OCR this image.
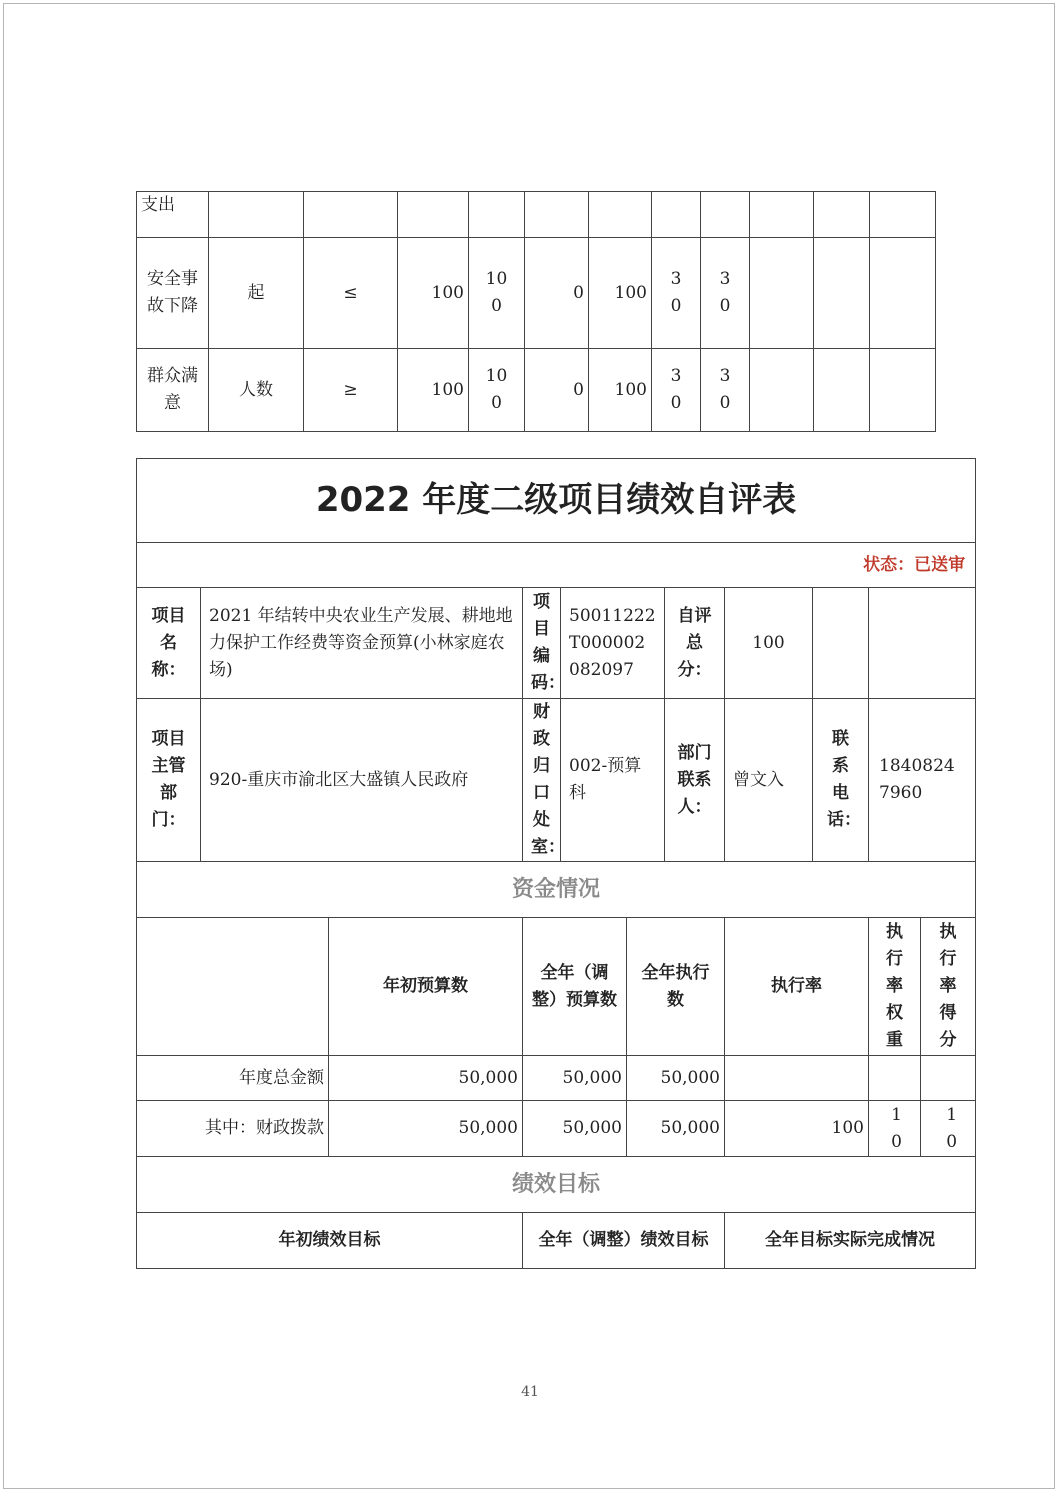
支出											
安全事故下降	起	≤	100	100	0	100	30	30			
群众满意	人数	≥	100	100	0	100	30	30			
2022 年度二级项目绩效自评表										
状态：已送审										
项目名称：	2021 年结转中央农业生产发展、耕地地力保护工作经费等资金预算(小林家庭农场)		项目编码：	50011222T000002082097		自评总分：	100			
项目主管部门：	920-重庆市渝北区大盛镇人民政府		财政归口处室：	002-预算科		部门联系人：	曾文入	联系电话：	18408247960	
资金情况										
		年初预算数	全年（调整）预算数		全年执行数		执行率		执行率权重	执行率得分
年度总金额		50,000	50,000		50,000					
其中：财政拨款		50,000	50,000		50,000		100		10	10
绩效目标										
年初绩效目标			全年（调整）绩效目标				全年目标实际完成情况			
41
